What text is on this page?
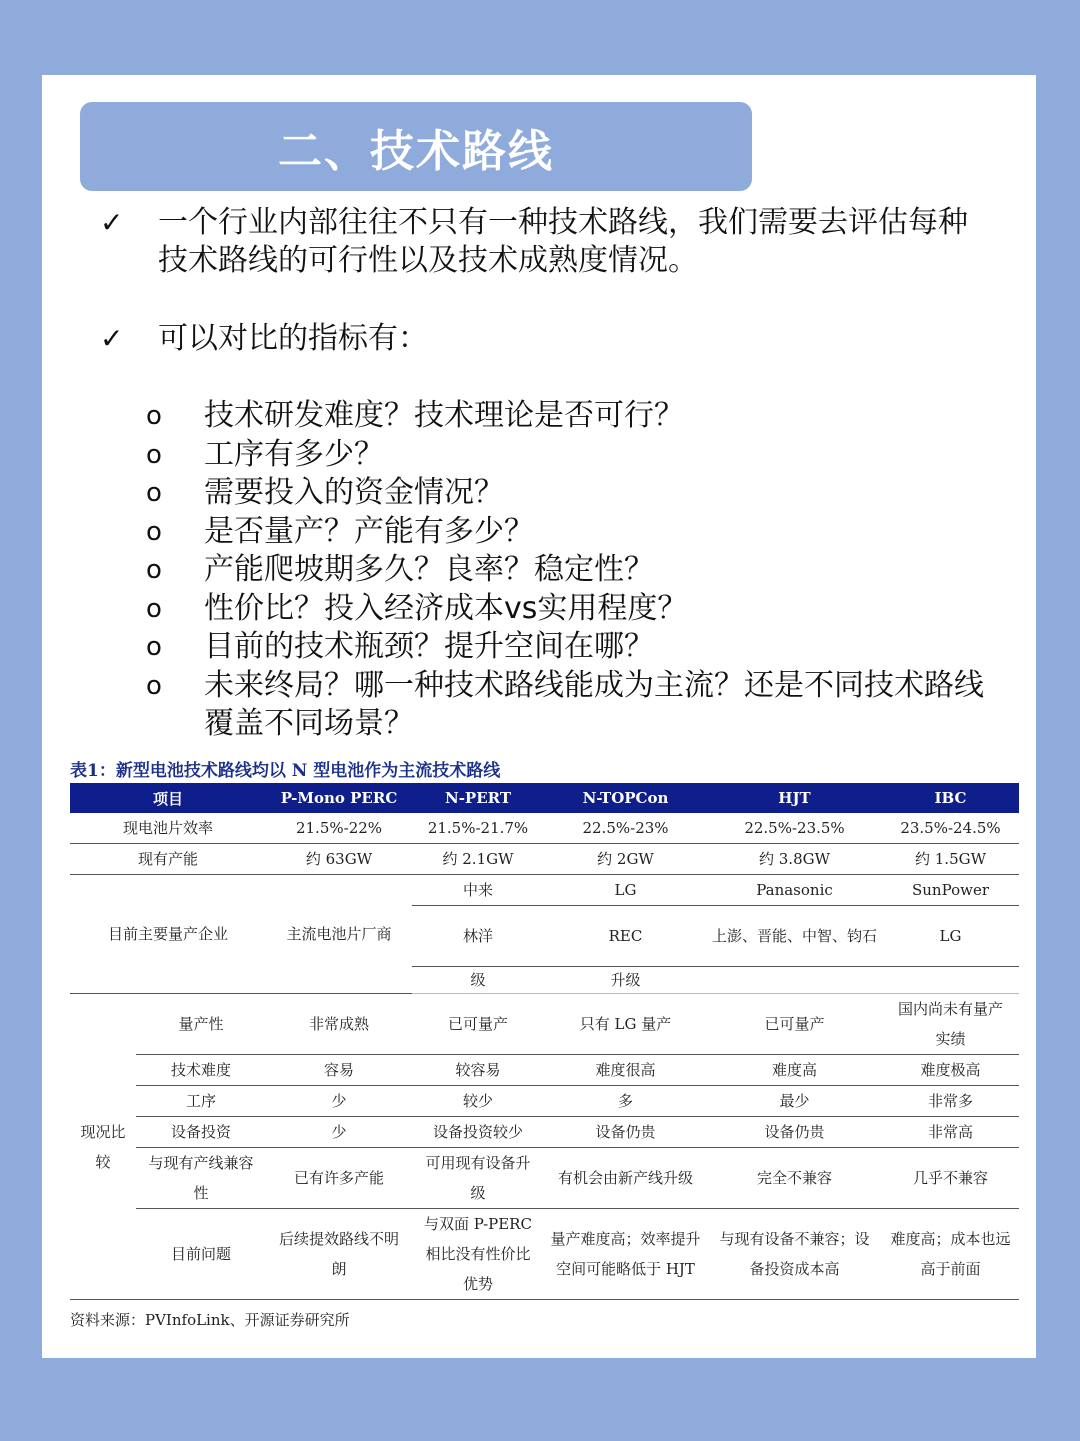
二、技术路线
✓	一个行业内部往往不只有一种技术路线，我们需要去评估每种技术路线的可行性以及技术成熟度情况。
✓	可以对比的指标有：
o	技术研发难度？技术理论是否可行？
o	工序有多少？
o	需要投入的资金情况？
o	是否量产？产能有多少？
o	产能爬坡期多久？良率？稳定性？
o	性价比？投入经济成本vs实用程度？
o	目前的技术瓶颈？提升空间在哪？
o	未来终局？哪一种技术路线能成为主流？还是不同技术路线覆盖不同场景？
表1：新型电池技术路线均以 N 型电池作为主流技术路线
项目		P-Mono PERC	N-PERT	N-TOPCon	HJT	IBC
现电池片效率		21.5%-22%	21.5%-21.7%	22.5%-23%	22.5%-23.5%	23.5%-24.5%
现有产能		约 63GW	约 2.1GW	约 2GW	约 3.8GW	约 1.5GW
目前主要量产企业		主流电池片厂商	中来	LG	Panasonic	SunPower
			林洋	REC	上澎、晋能、中智、钧石	LG
			级	升级		
现况比较	量产性	非常成熟	已可量产	只有 LG 量产	已可量产	国内尚未有量产实绩
	技术难度	容易	较容易	难度很高	难度高	难度极高
	工序	少	较少	多	最少	非常多
	设备投资	少	设备投资较少	设备仍贵	设备仍贵	非常高
	与现有产线兼容性	已有许多产能	可用现有设备升级	有机会由新产线升级	完全不兼容	几乎不兼容
	目前问题	后续提效路线不明朗	与双面 P-PERC 相比没有性价比优势	量产难度高；效率提升空间可能略低于 HJT	与现有设备不兼容；设备投资成本高	难度高；成本也远高于前面
资料来源：PVInfoLink、开源证券研究所
